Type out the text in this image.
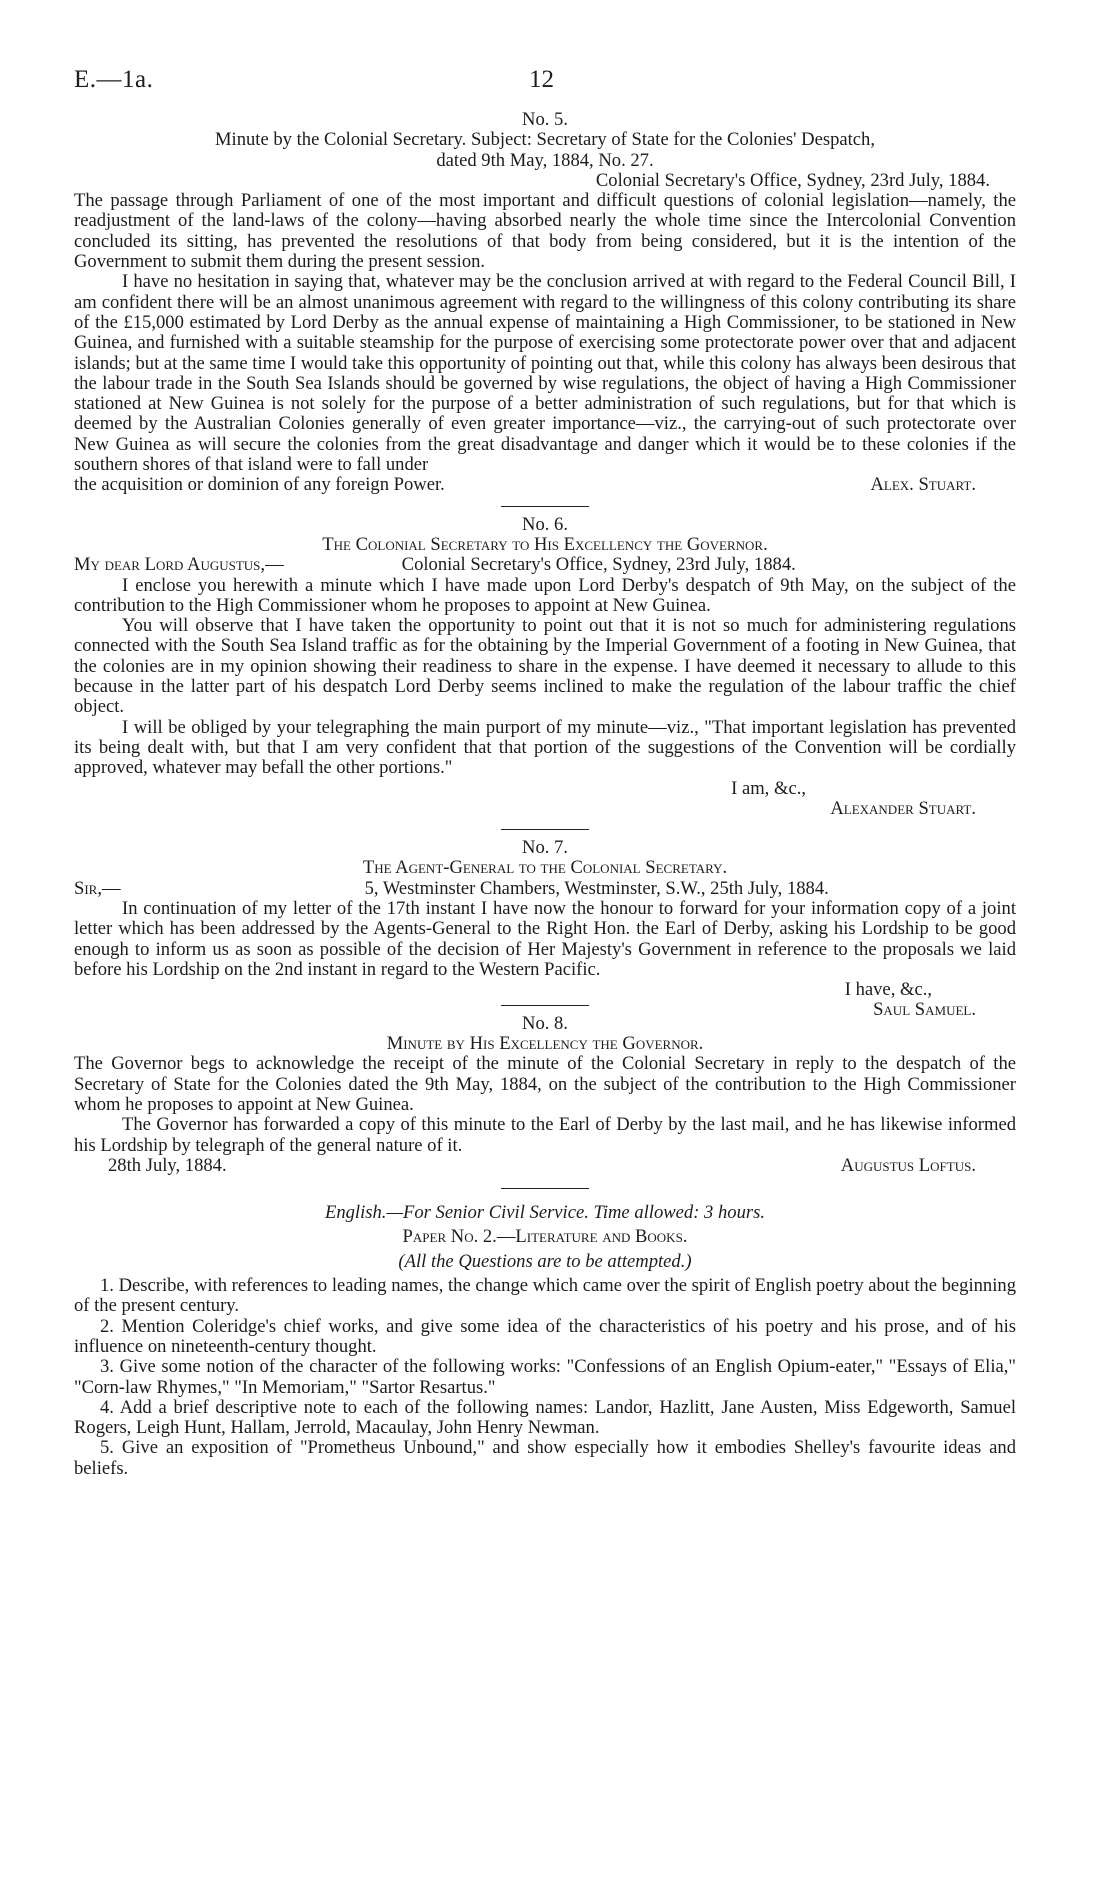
E.—1a.	12

No. 5.

Minute by the Colonial Secretary. Subject: Secretary of State for the Colonies' Despatch,

dated 9th May, 1884, No. 27.

Colonial Secretary's Office, Sydney, 23rd July, 1884.

The passage through Parliament of one of the most important and difficult questions of colonial legislation—namely, the readjustment of the land-laws of the colony—having absorbed nearly the whole time since the Intercolonial Convention concluded its sitting, has prevented the resolutions of that body from being considered, but it is the intention of the Government to submit them during the present session.

I have no hesitation in saying that, whatever may be the conclusion arrived at with regard to the Federal Council Bill, I am confident there will be an almost unanimous agreement with regard to the willingness of this colony contributing its share of the £15,000 estimated by Lord Derby as the annual expense of maintaining a High Commissioner, to be stationed in New Guinea, and furnished with a suitable steamship for the purpose of exercising some protectorate power over that and adjacent islands; but at the same time I would take this opportunity of pointing out that, while this colony has always been desirous that the labour trade in the South Sea Islands should be governed by wise regulations, the object of having a High Commissioner stationed at New Guinea is not solely for the purpose of a better administration of such regulations, but for that which is deemed by the Australian Colonies generally of even greater importance—viz., the carrying-out of such protectorate over New Guinea as will secure the colonies from the great disadvantage and danger which it would be to these colonies if the southern shores of that island were to fall under

the acquisition or dominion of any foreign Power.	Alex. Stuart.

No. 6.

The Colonial Secretary to His Excellency the Governor.

My dear Lord Augustus,—	Colonial Secretary's Office, Sydney, 23rd July, 1884.

I enclose you herewith a minute which I have made upon Lord Derby's despatch of 9th May, on the subject of the contribution to the High Commissioner whom he proposes to appoint at New Guinea.

You will observe that I have taken the opportunity to point out that it is not so much for administering regulations connected with the South Sea Island traffic as for the obtaining by the Imperial Government of a footing in New Guinea, that the colonies are in my opinion showing their readiness to share in the expense. I have deemed it necessary to allude to this because in the latter part of his despatch Lord Derby seems inclined to make the regulation of the labour traffic the chief object.

I will be obliged by your telegraphing the main purport of my minute—viz., "That important legislation has prevented its being dealt with, but that I am very confident that that portion of the suggestions of the Convention will be cordially approved, whatever may befall the other portions."

I am, &c.,

Alexander Stuart.

No. 7.

The Agent-General to the Colonial Secretary.

Sir,—	5, Westminster Chambers, Westminster, S.W., 25th July, 1884.

In continuation of my letter of the 17th instant I have now the honour to forward for your information copy of a joint letter which has been addressed by the Agents-General to the Right Hon. the Earl of Derby, asking his Lordship to be good enough to inform us as soon as possible of the decision of Her Majesty's Government in reference to the proposals we laid before his Lordship on the 2nd instant in regard to the Western Pacific.

I have, &c.,

Saul Samuel.

No. 8.

Minute by His Excellency the Governor.

The Governor begs to acknowledge the receipt of the minute of the Colonial Secretary in reply to the despatch of the Secretary of State for the Colonies dated the 9th May, 1884, on the subject of the contribution to the High Commissioner whom he proposes to appoint at New Guinea.

The Governor has forwarded a copy of this minute to the Earl of Derby by the last mail, and he has likewise informed his Lordship by telegraph of the general nature of it.

28th July, 1884.	Augustus Loftus.

English.—For Senior Civil Service. Time allowed: 3 hours.

Paper No. 2.—Literature and Books.

(All the Questions are to be attempted.)

1. Describe, with references to leading names, the change which came over the spirit of English poetry about the beginning of the present century.

2. Mention Coleridge's chief works, and give some idea of the characteristics of his poetry and his prose, and of his influence on nineteenth-century thought.

3. Give some notion of the character of the following works: "Confessions of an English Opium-eater," "Essays of Elia," "Corn-law Rhymes," "In Memoriam," "Sartor Resartus."

4. Add a brief descriptive note to each of the following names: Landor, Hazlitt, Jane Austen, Miss Edgeworth, Samuel Rogers, Leigh Hunt, Hallam, Jerrold, Macaulay, John Henry Newman.

5. Give an exposition of "Prometheus Unbound," and show especially how it embodies Shelley's favourite ideas and beliefs.
